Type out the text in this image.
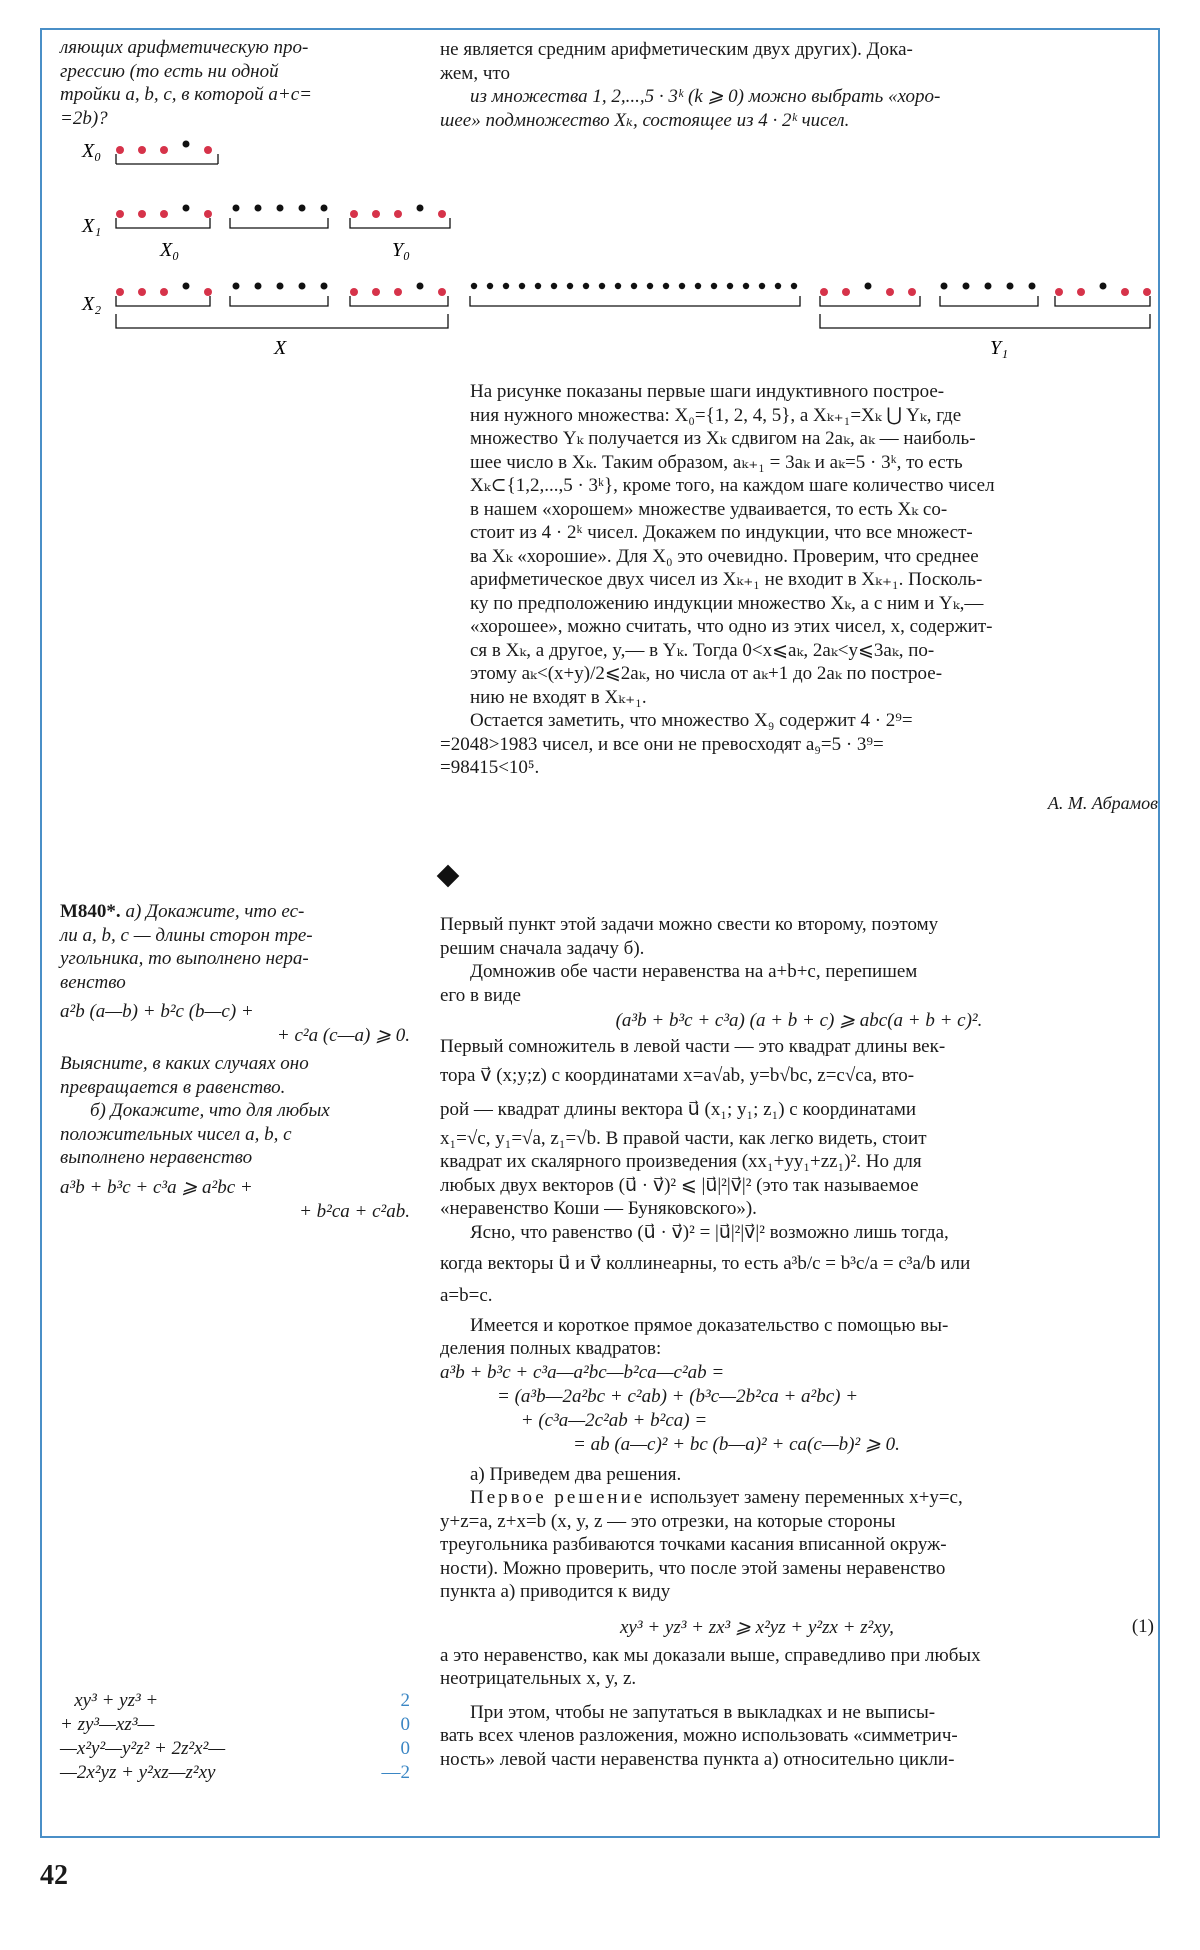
ляющих арифметическую про-

грессию (то есть ни одной

тройки a, b, c, в которой a+c=

=2b)?

не является средним арифметическим двух других). Дока-

жем, что

из множества 1, 2,...,5 · 3ᵏ (k ⩾ 0) можно выбрать «хоро-

шее» подмножество Xₖ, состоящее из 4 · 2ᵏ чисел.

X₀
X₁
X₂
X₀	Y₀
X	Y₁

На рисунке показаны первые шаги индуктивного построе-

ния нужного множества: X₀={1, 2, 4, 5}, а Xₖ₊₁=Xₖ ⋃ Yₖ, где

множество Yₖ получается из Xₖ сдвигом на 2aₖ, aₖ — наиболь-

шее число в Xₖ. Таким образом, aₖ₊₁ = 3aₖ и aₖ=5 · 3ᵏ, то есть

Xₖ⊂{1,2,...,5 · 3ᵏ}, кроме того, на каждом шаге количество чисел

в нашем «хорошем» множестве удваивается, то есть Xₖ со-

стоит из 4 · 2ᵏ чисел. Докажем по индукции, что все множест-

ва Xₖ «хорошие». Для X₀ это очевидно. Проверим, что среднее

арифметическое двух чисел из Xₖ₊₁ не входит в Xₖ₊₁. Посколь-

ку по предположению индукции множество Xₖ, а с ним и Yₖ,—

«хорошее», можно считать, что одно из этих чисел, x, содержит-

ся в Xₖ, а другое, y,— в Yₖ. Тогда 0<x⩽aₖ, 2aₖ<y⩽3aₖ, по-

этому aₖ<(x+y)/2⩽2aₖ, но числа от aₖ+1 до 2aₖ по построе-

нию не входят в Xₖ₊₁.

Остается заметить, что множество X₉ содержит 4 · 2⁹=

=2048>1983 чисел, и все они не превосходят a₉=5 · 3⁹=

=98415<10⁵.

А. М. Абрамов

M840*. а) Докажите, что ес-

ли a, b, c — длины сторон тре-

угольника, то выполнено нера-

венство

a²b (a—b) + b²c (b—c) +

+ c²a (c—a) ⩾ 0.

Выясните, в каких случаях оно

превращается в равенство.

б) Докажите, что для любых

положительных чисел a, b, c

выполнено неравенство

a³b + b³c + c³a ⩾ a²bc +

+ b²ca + c²ab.

Первый пункт этой задачи можно свести ко второму, поэтому

решим сначала задачу б).

Домножив обе части неравенства на a+b+c, перепишем

его в виде

(a³b + b³c + c³a) (a + b + c) ⩾ abc(a + b + c)².

Первый сомножитель в левой части — это квадрат длины век-

тора v⃗ (x;y;z) с координатами x=a√ab, y=b√bc, z=c√ca, вто-

рой — квадрат длины вектора u⃗ (x₁; y₁; z₁) с координатами

x₁=√c, y₁=√a, z₁=√b. В правой части, как легко видеть, стоит

квадрат их скалярного произведения (xx₁+yy₁+zz₁)². Но для

любых двух векторов (u⃗ · v⃗)² ⩽ |u⃗|²|v⃗|² (это так называемое

«неравенство Коши — Буняковского»).

Ясно, что равенство (u⃗ · v⃗)² = |u⃗|²|v⃗|² возможно лишь тогда,

когда векторы u⃗ и v⃗ коллинеарны, то есть a³b/c = b³c/a = c³a/b или

a=b=c.

Имеется и короткое прямое доказательство с помощью вы-

деления полных квадратов:

a³b + b³c + c³a—a²bc—b²ca—c²ab =

= (a³b—2a²bc + c²ab) + (b³c—2b²ca + a²bc) +

+ (c³a—2c²ab + b²ca) =

= ab (a—c)² + bc (b—a)² + ca(c—b)² ⩾ 0.

а) Приведем два решения.

Первое решение использует замену переменных x+y=c,

y+z=a, z+x=b (x, y, z — это отрезки, на которые стороны

треугольника разбиваются точками касания вписанной окруж-

ности). Можно проверить, что после этой замены неравенство

пункта а) приводится к виду

xy³ + yz³ + zx³ ⩾ x²yz + y²zx + z²xy,	(1)

а это неравенство, как мы доказали выше, справедливо при любых

неотрицательных x, y, z.

При этом, чтобы не запутаться в выкладках и не выписы-

вать всех членов разложения, можно использовать «симметрич-

ность» левой части неравенства пункта а) относительно цикли-

xy³ + yz³ +	2
+ zy³—xz³—	0
—x²y²—y²z² + 2z²x²—	0
—2x²yz + y²xz—z²xy	—2
42
